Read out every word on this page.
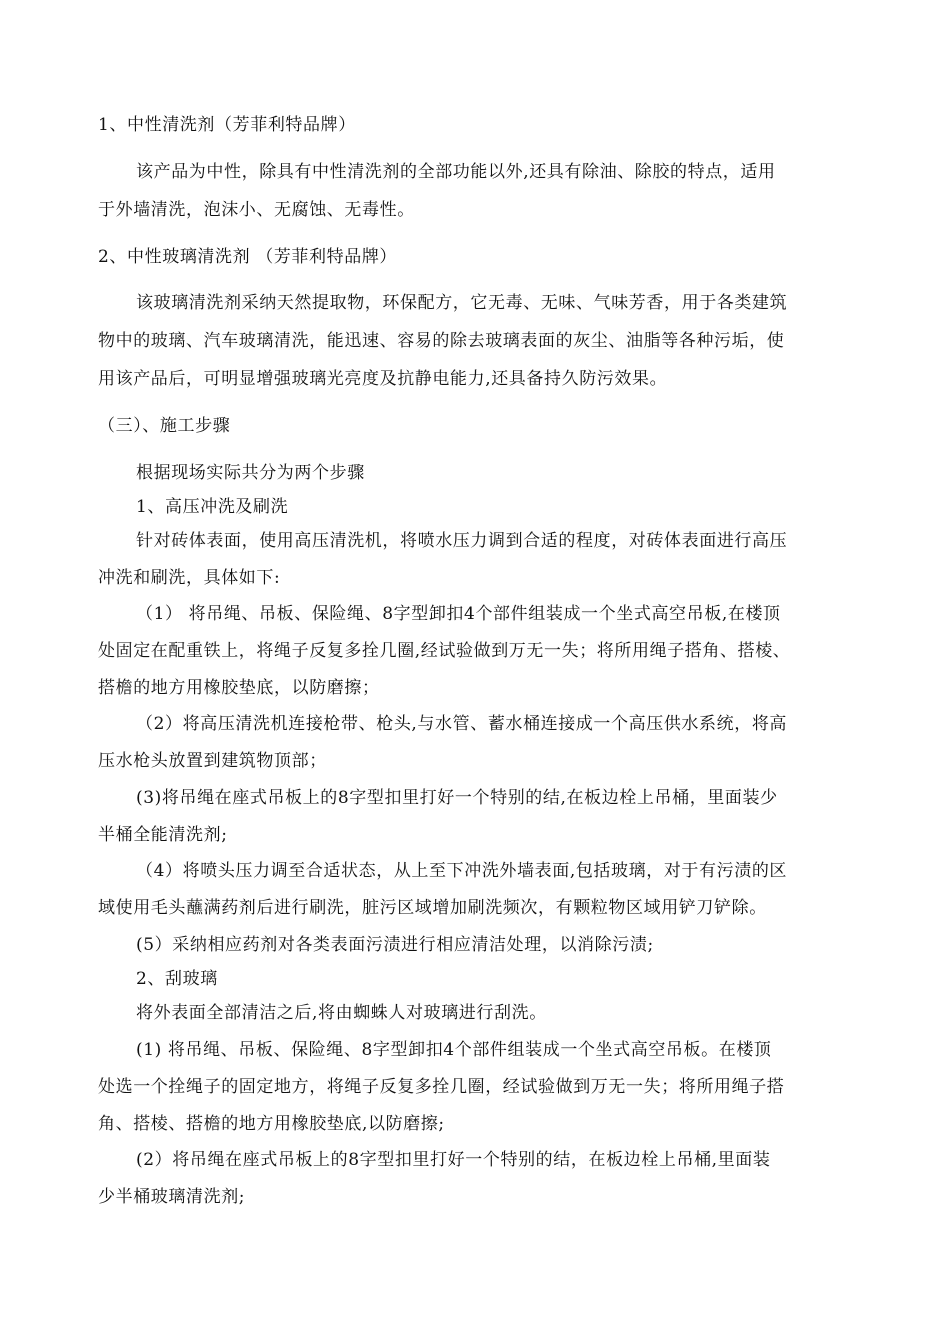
1、中性清洗剂（芳菲利特品牌）
该产品为中性，除具有中性清洗剂的全部功能以外,还具有除油、除胶的特点，适用
于外墙清洗，泡沫小、无腐蚀、无毒性。
2、中性玻璃清洗剂 （芳菲利特品牌）
该玻璃清洗剂采纳天然提取物，环保配方，它无毒、无味、气味芳香，用于各类建筑
物中的玻璃、汽车玻璃清洗，能迅速、容易的除去玻璃表面的灰尘、油脂等各种污垢，使
用该产品后，可明显增强玻璃光亮度及抗静电能力,还具备持久防污效果。
（三）、施工步骤
根据现场实际共分为两个步骤
1、高压冲洗及刷洗
针对砖体表面，使用高压清洗机，将喷水压力调到合适的程度，对砖体表面进行高压
冲洗和刷洗，具体如下:
（1） 将吊绳、吊板、保险绳、8字型卸扣4个部件组装成一个坐式高空吊板,在楼顶
处固定在配重铁上，将绳子反复多拴几圈,经试验做到万无一失；将所用绳子搭角、搭棱、
搭檐的地方用橡胶垫底，以防磨擦；
（2）将高压清洗机连接枪带、枪头,与水管、蓄水桶连接成一个高压供水系统，将高
压水枪头放置到建筑物顶部；
(3)将吊绳在座式吊板上的8字型扣里打好一个特别的结,在板边栓上吊桶，里面装少
半桶全能清洗剂;
（4）将喷头压力调至合适状态，从上至下冲洗外墙表面,包括玻璃，对于有污渍的区
域使用毛头蘸满药剂后进行刷洗，脏污区域增加刷洗频次，有颗粒物区域用铲刀铲除。
(5）采纳相应药剂对各类表面污渍进行相应清洁处理，以消除污渍;
2、刮玻璃
将外表面全部清洁之后,将由蜘蛛人对玻璃进行刮洗。
(1) 将吊绳、吊板、保险绳、8字型卸扣4个部件组装成一个坐式高空吊板。在楼顶
处选一个拴绳子的固定地方，将绳子反复多拴几圈，经试验做到万无一失；将所用绳子搭
角、搭棱、搭檐的地方用橡胶垫底,以防磨擦;
(2）将吊绳在座式吊板上的8字型扣里打好一个特别的结，在板边栓上吊桶,里面装
少半桶玻璃清洗剂;
